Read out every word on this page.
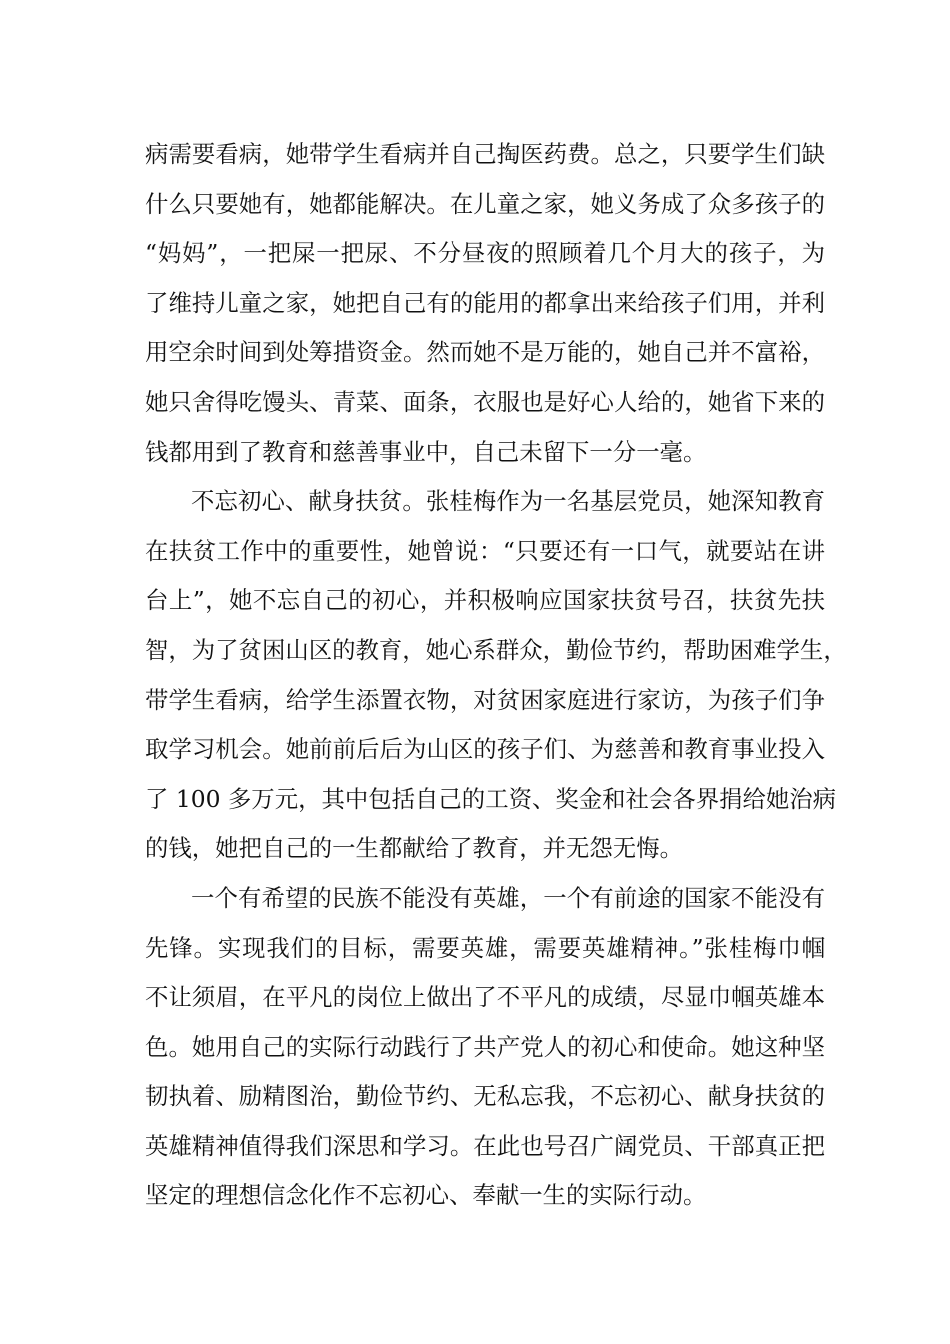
病需要看病，她带学生看病并自己掏医药费。总之，只要学生们缺
什么只要她有，她都能解决。在儿童之家，她义务成了众多孩子的
“妈妈”，一把屎一把尿、不分昼夜的照顾着几个月大的孩子，为
了维持儿童之家，她把自己有的能用的都拿出来给孩子们用，并利
用空余时间到处筹措资金。然而她不是万能的，她自己并不富裕，
她只舍得吃馒头、青菜、面条，衣服也是好心人给的，她省下来的
钱都用到了教育和慈善事业中，自己未留下一分一毫。
不忘初心、献身扶贫。张桂梅作为一名基层党员，她深知教育
在扶贫工作中的重要性，她曾说：“只要还有一口气，就要站在讲
台上”，她不忘自己的初心，并积极响应国家扶贫号召，扶贫先扶
智，为了贫困山区的教育，她心系群众，勤俭节约，帮助困难学生，
带学生看病，给学生添置衣物，对贫困家庭进行家访，为孩子们争
取学习机会。她前前后后为山区的孩子们、为慈善和教育事业投入
了 100 多万元，其中包括自己的工资、奖金和社会各界捐给她治病
的钱，她把自己的一生都献给了教育，并无怨无悔。
一个有希望的民族不能没有英雄，一个有前途的国家不能没有
先锋。实现我们的目标，需要英雄，需要英雄精神。”张桂梅巾帼
不让须眉，在平凡的岗位上做出了不平凡的成绩，尽显巾帼英雄本
色。她用自己的实际行动践行了共产党人的初心和使命。她这种坚
韧执着、励精图治，勤俭节约、无私忘我，不忘初心、献身扶贫的
英雄精神值得我们深思和学习。在此也号召广阔党员、干部真正把
坚定的理想信念化作不忘初心、奉献一生的实际行动。
